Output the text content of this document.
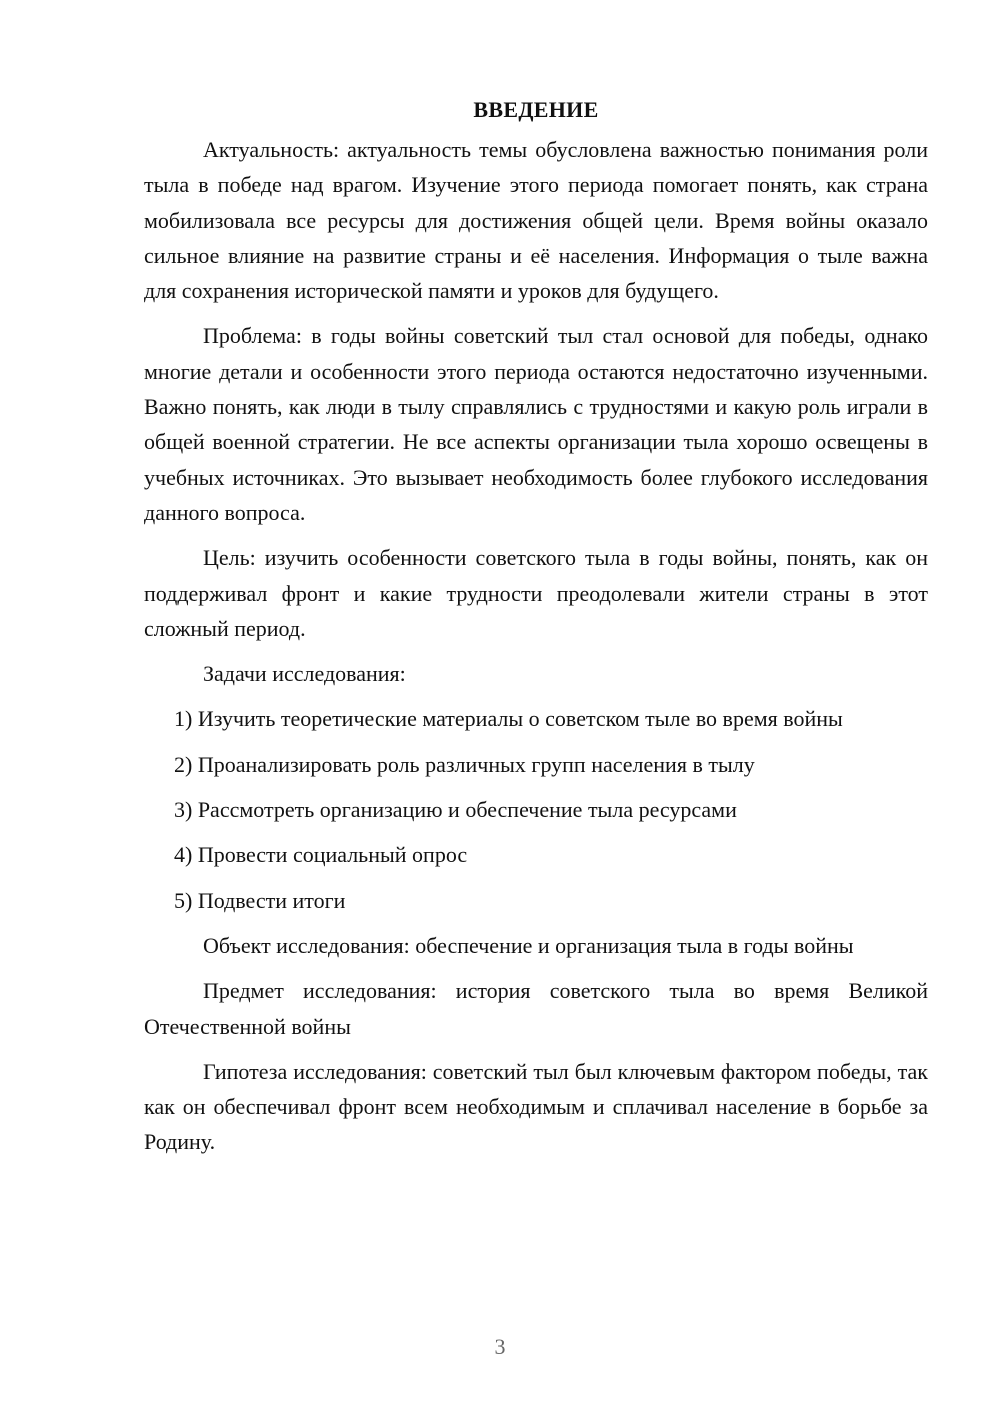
ВВЕДЕНИЕ

Актуальность: актуальность темы обусловлена важностью понимания роли тыла в победе над врагом. Изучение этого периода помогает понять, как страна мобилизовала все ресурсы для достижения общей цели. Время войны оказало сильное влияние на развитие страны и её населения. Информация о тыле важна для сохранения исторической памяти и уроков для будущего.

Проблема: в годы войны советский тыл стал основой для победы, однако многие детали и особенности этого периода остаются недостаточно изученными. Важно понять, как люди в тылу справлялись с трудностями и какую роль играли в общей военной стратегии. Не все аспекты организации тыла хорошо освещены в учебных источниках. Это вызывает необходимость более глубокого исследования данного вопроса.

Цель: изучить особенности советского тыла в годы войны, понять, как он поддерживал фронт и какие трудности преодолевали жители страны в этот сложный период.

Задачи исследования:

1) Изучить теоретические материалы о советском тыле во время войны

2) Проанализировать роль различных групп населения в тылу

3) Рассмотреть организацию и обеспечение тыла ресурсами

4) Провести социальный опрос

5) Подвести итоги

Объект исследования: обеспечение и организация тыла в годы войны

Предмет исследования: история советского тыла во время Великой Отечественной войны

Гипотеза исследования: советский тыл был ключевым фактором победы, так как он обеспечивал фронт всем необходимым и сплачивал население в борьбе за Родину.

3
